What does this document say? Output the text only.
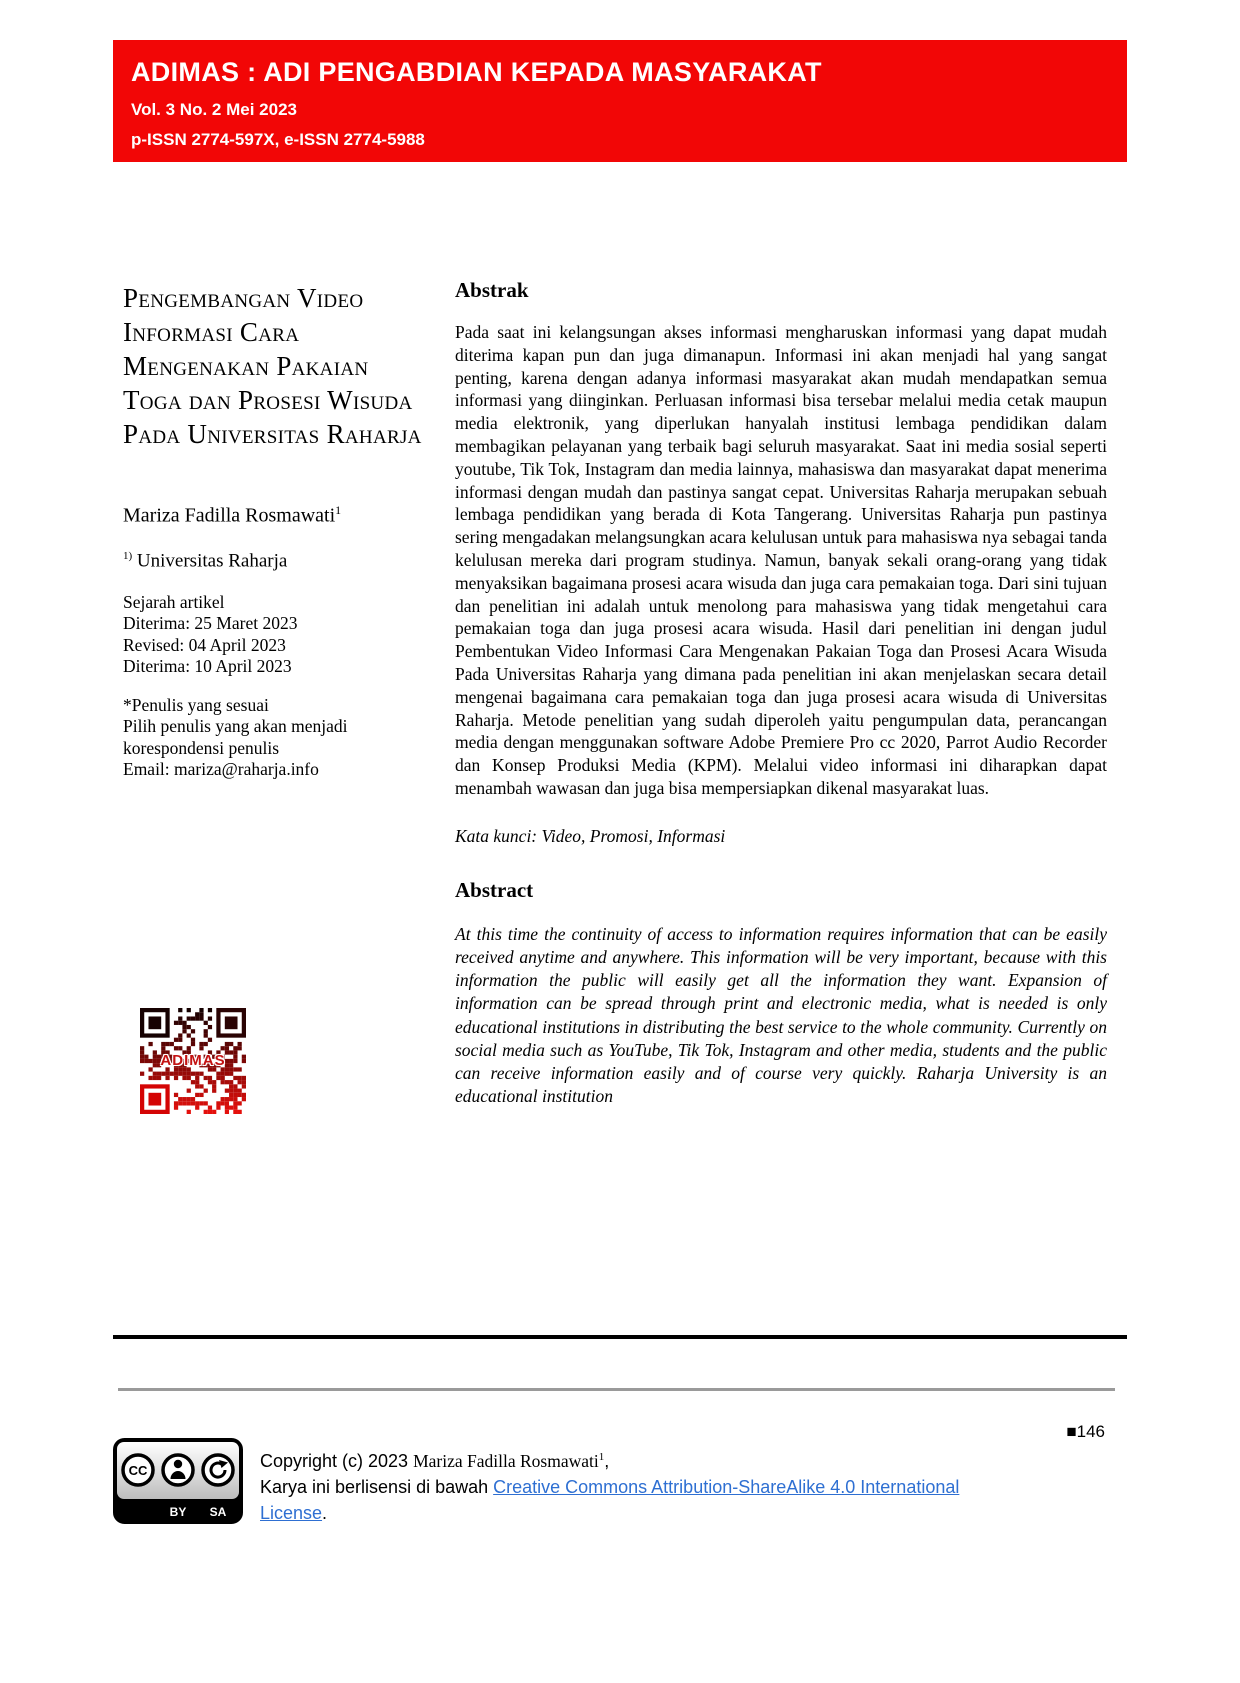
ADIMAS : ADI PENGABDIAN KEPADA MASYARAKAT
Vol. 3 No. 2 Mei 2023
p-ISSN 2774-597X, e-ISSN 2774-5988
Pengembangan Video Informasi Cara Mengenakan Pakaian Toga dan Prosesi Wisuda Pada Universitas Raharja
Mariza Fadilla Rosmawati$^1$
$^{1)}$ Universitas Raharja
Sejarah artikel
Diterima: 25 Maret 2023
Revised: 04 April 2023
Diterima: 10 April 2023
*Penulis yang sesuai
Pilih penulis yang akan menjadi korespondensi penulis
Email: mariza@raharja.info
ADIMAS
Abstrak
Pada saat ini kelangsungan akses informasi mengharuskan informasi yang dapat mudah diterima kapan pun dan juga dimanapun. Informasi ini akan menjadi hal yang sangat penting, karena dengan adanya informasi masyarakat akan mudah mendapatkan semua informasi yang diinginkan. Perluasan informasi bisa tersebar melalui media cetak maupun media elektronik, yang diperlukan hanyalah institusi lembaga pendidikan dalam membagikan pelayanan yang terbaik bagi seluruh masyarakat. Saat ini media sosial seperti youtube, Tik Tok, Instagram dan media lainnya, mahasiswa dan masyarakat dapat menerima informasi dengan mudah dan pastinya sangat cepat. Universitas Raharja merupakan sebuah lembaga pendidikan yang berada di Kota Tangerang. Universitas Raharja pun pastinya sering mengadakan melangsungkan acara kelulusan untuk para mahasiswa nya sebagai tanda kelulusan mereka dari program studinya. Namun, banyak sekali orang-orang yang tidak menyaksikan bagaimana prosesi acara wisuda dan juga cara pemakaian toga. Dari sini tujuan dan penelitian ini adalah untuk menolong para mahasiswa yang tidak mengetahui cara pemakaian toga dan juga prosesi acara wisuda. Hasil dari penelitian ini dengan judul Pembentukan Video Informasi Cara Mengenakan Pakaian Toga dan Prosesi Acara Wisuda Pada Universitas Raharja yang dimana pada penelitian ini akan menjelaskan secara detail mengenai bagaimana cara pemakaian toga dan juga prosesi acara wisuda di Universitas Raharja. Metode penelitian yang sudah diperoleh yaitu pengumpulan data, perancangan media dengan menggunakan software Adobe Premiere Pro cc 2020, Parrot Audio Recorder dan Konsep Produksi Media (KPM). Melalui video informasi ini diharapkan dapat menambah wawasan dan juga bisa mempersiapkan dikenal masyarakat luas.
Kata kunci: Video, Promosi, Informasi
Abstract
At this time the continuity of access to information requires information that can be easily received anytime and anywhere. This information will be very important, because with this information the public will easily get all the information they want. Expansion of information can be spread through print and electronic media, what is needed is only educational institutions in distributing the best service to the whole community. Currently on social media such as YouTube, Tik Tok, Instagram and other media, students and the public can receive information easily and of course very quickly. Raharja University is an educational institution
■146
CC
BY SA
Copyright (c) 2023 Mariza Fadilla Rosmawati$^1$,
Karya ini berlisensi di bawah Creative Commons Attribution-ShareAlike 4.0 International License.
